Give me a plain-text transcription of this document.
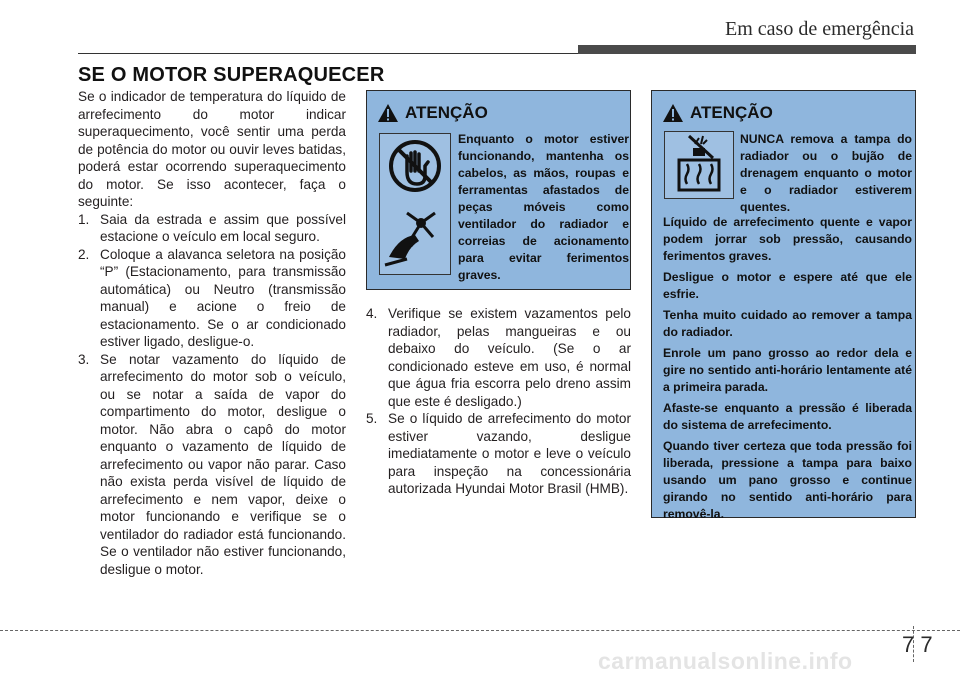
Em caso de emergência
SE O MOTOR SUPERAQUECER

Se o indicador de temperatura do líquido de arrefecimento do motor indicar superaquecimento, você sentir uma perda de potência do motor ou ouvir leves batidas, poderá estar ocorrendo superaquecimento do motor. Se isso acontecer, faça o seguinte:

1. Saia da estrada e assim que possível estacione o veículo em local seguro.
2. Coloque a alavanca seletora na posição “P” (Estacionamento, para transmissão automática) ou Neutro (transmissão manual) e acione o freio de estacionamento. Se o ar condicionado estiver ligado, desligue-o.
3. Se notar vazamento do líquido de arrefecimento do motor sob o veículo, ou se notar a saída de vapor do compartimento do motor, desligue o motor. Não abra o capô do motor enquanto o vazamento de líquido de arrefecimento ou vapor não parar. Caso não exista perda visível de líquido de arrefecimento e nem vapor, deixe o motor funcionando e verifique se o ventilador do radiador está funcionando. Se o ventilador não estiver funcionando, desligue o motor.
ATENÇÃO
Enquanto o motor estiver funcionando, mantenha os cabelos, as mãos, roupas e ferramentas afastados de peças móveis como ventilador do radiador e correias de acionamento para evitar ferimentos graves.
4. Verifique se existem vazamentos pelo radiador, pelas mangueiras e ou debaixo do veículo. (Se o ar condicionado esteve em uso, é normal que água fria escorra pelo dreno assim que este é desligado.)
5. Se o líquido de arrefecimento do motor estiver vazando, desligue imediatamente o motor e leve o veículo para inspeção na concessionária autorizada Hyundai Motor Brasil (HMB).
ATENÇÃO
NUNCA remova a tampa do radiador ou o bujão de drenagem enquanto o motor e o radiador estiverem quentes.

Líquido de arrefecimento quente e vapor podem jorrar sob pressão, causando ferimentos graves.

Desligue o motor e espere até que ele esfrie.

Tenha muito cuidado ao remover a tampa do radiador.

Enrole um pano grosso ao redor dela e gire no sentido anti-horário lentamente até a primeira parada.

Afaste-se enquanto a pressão é liberada do sistema de arrefecimento.

Quando tiver certeza que toda pressão foi liberada, pressione a tampa para baixo usando um pano grosso e continue girando no sentido anti-horário para removê-la.

7 7
carmanualsonline.info
